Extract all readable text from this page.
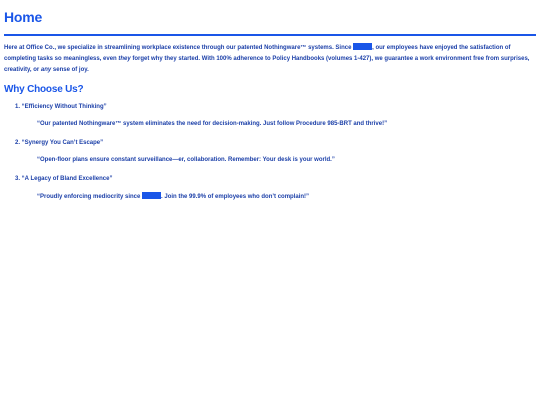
Home

Here at Office Co., we specialize in streamlining workplace existence through our patented Nothingware™ systems. Since	, our employees have enjoyed the satisfaction of completing tasks so meaningless, even they forget why they started. With 100% adherence to Policy Handbooks (volumes 1-427), we guarantee a work environment free from surprises, creativity, or any sense of joy.

Why Choose Us?
1. “Efficiency Without Thinking”
“Our patented Nothingware™ system eliminates the need for decision-making. Just follow Procedure 985-BRT and thrive!”
2. “Synergy You Can’t Escape”
“Open-floor plans ensure constant surveillance—er, collaboration. Remember: Your desk is your world.”
3. “A Legacy of Bland Excellence”
“Proudly enforcing mediocrity since	. Join the 99.9% of employees who don’t complain!”
